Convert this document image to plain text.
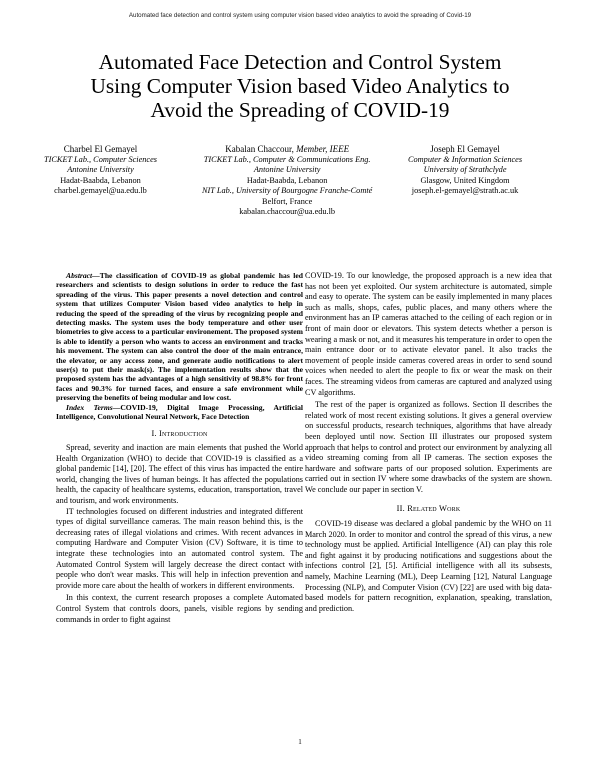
Automated face detection and control system using computer vision based video analytics to avoid the spreading of Covid-19
Automated Face Detection and Control System
Using Computer Vision based Video Analytics to
Avoid the Spreading of COVID-19
Charbel El Gemayel
TICKET Lab., Computer Sciences
Antonine University
Hadat-Baabda, Lebanon
charbel.gemayel@ua.edu.lb
Kabalan Chaccour, Member, IEEE
TICKET Lab., Computer & Communications Eng.
Antonine University
Hadat-Baabda, Lebanon
NIT Lab., University of Bourgogne Franche-Comté
Belfort, France
kabalan.chaccour@ua.edu.lb
Joseph El Gemayel
Computer & Information Sciences
University of Strathclyde
Glasgow, United Kingdom
joseph.el-gemayel@strath.ac.uk

Abstract—The classification of COVID-19 as global pandemic has led researchers and scientists to design solutions in order to reduce the fast spreading of the virus. This paper presents a novel detection and control system that utilizes Computer Vision based video analytics to help in reducing the speed of the spreading of the virus by recognizing people and detecting masks. The system uses the body temperature and other user biometries to give access to a particular environement. The proposed system is able to identify a person who wants to access an environment and tracks his movement. The system can also control the door of the main entrance, the elevator, or any access zone, and generate audio notifications to alert user(s) to put their mask(s). The implementation results show that the proposed system has the advantages of a high sensitivity of 98.8% for front faces and 90.3% for turned faces, and ensure a safe environment while preserving the benefits of being modular and low cost.

Index Terms—COVID-19, Digital Image Processing, Artificial Intelligence, Convolutional Neural Network, Face Detection

I. Introduction

Spread, severity and inaction are main elements that pushed the World Health Organization (WHO) to decide that COVID-19 is classified as a global pandemic [14], [20]. The effect of this virus has impacted the entire world, changing the lives of human beings. It has affected the populations health, the capacity of healthcare systems, education, transportation, travel and tourism, and work environments.

IT technologies focused on different industries and integrated different types of digital surveillance cameras. The main reason behind this, is the decreasing rates of illegal violations and crimes. With recent advances in computing Hardware and Computer Vision (CV) Software, it is time to integrate these technologies into an automated control system. The Automated Control System will largely decrease the direct contact with people who don't wear masks. This will help in infection prevention and provide more care about the health of workers in different environments.

In this context, the current research proposes a complete Automated Control System that controls doors, panels, visible regions by sending commands in order to fight against

COVID-19. To our knowledge, the proposed approach is a new idea that has not been yet exploited. Our system architecture is automated, simple and easy to operate. The system can be easily implemented in many places such as malls, shops, cafes, public places, and many others where the environment has an IP cameras attached to the ceiling of each region or in front of main door or elevators. This system detects whether a person is wearing a mask or not, and it measures his temperature in order to open the main entrance door or to activate elevator panel. It also tracks the movement of people inside cameras covered areas in order to send sound voices when needed to alert the people to fix or wear the mask on their faces. The streaming videos from cameras are captured and analyzed using CV algorithms.

The rest of the paper is organized as follows. Section II describes the related work of most recent existing solutions. It gives a general overview on successful products, research techniques, algorithms that have already been deployed until now. Section III illustrates our proposed system approach that helps to control and protect our environment by analyzing all video streaming coming from all IP cameras. The section exposes the hardware and software parts of our proposed solution. Experiments are carried out in section IV where some drawbacks of the system are shown. We conclude our paper in section V.

II. Related Work

COVID-19 disease was declared a global pandemic by the WHO on 11 March 2020. In order to monitor and control the spread of this virus, a new technology must be applied. Artificial Intelligence (AI) can play this role and fight against it by producing notifications and suggestions about the infections control [2], [5]. Artificial intelligence with all its subsests, namely, Machine Learning (ML), Deep Learning [12], Natural Language Processing (NLP), and Computer Vision (CV) [22] are used with big data-based models for pattern recognition, explanation, speaking, translation, and prediction.

1
